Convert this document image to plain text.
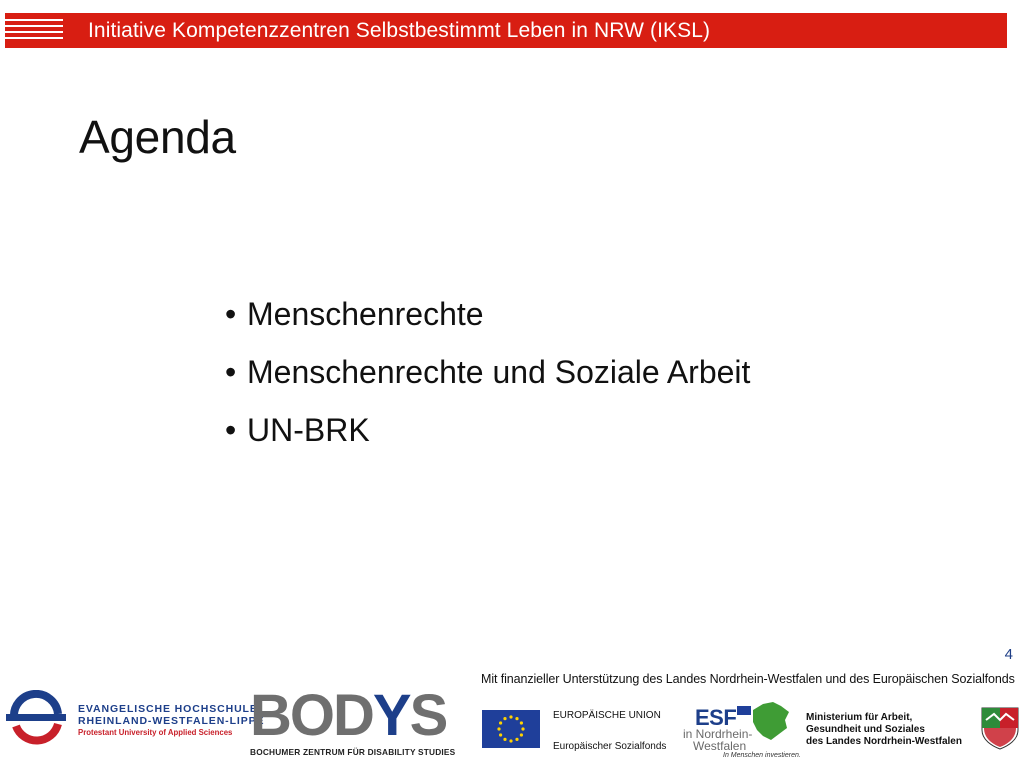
Initiative Kompetenzzentren Selbstbestimmt Leben in NRW (IKSL)
Agenda
• Menschenrechte
• Menschenrechte und Soziale Arbeit
• UN-BRK
4
Mit finanzieller Unterstützung des Landes Nordrhein-Westfalen und des Europäischen Sozialfonds
EVANGELISCHE HOCHSCHULE
RHEINLAND-WESTFALEN-LIPPE
Protestant University of Applied Sciences BOD Y S
BOCHUMER ZENTRUM FÜR DISABILITY STUDIES
EUROPÄISCHE UNION
Europäischer Sozialfonds
ESF
in Nordrhein-
Westfalen
In Menschen investieren.
Ministerium für Arbeit,
Gesundheit und Soziales
des Landes Nordrhein-Westfalen
